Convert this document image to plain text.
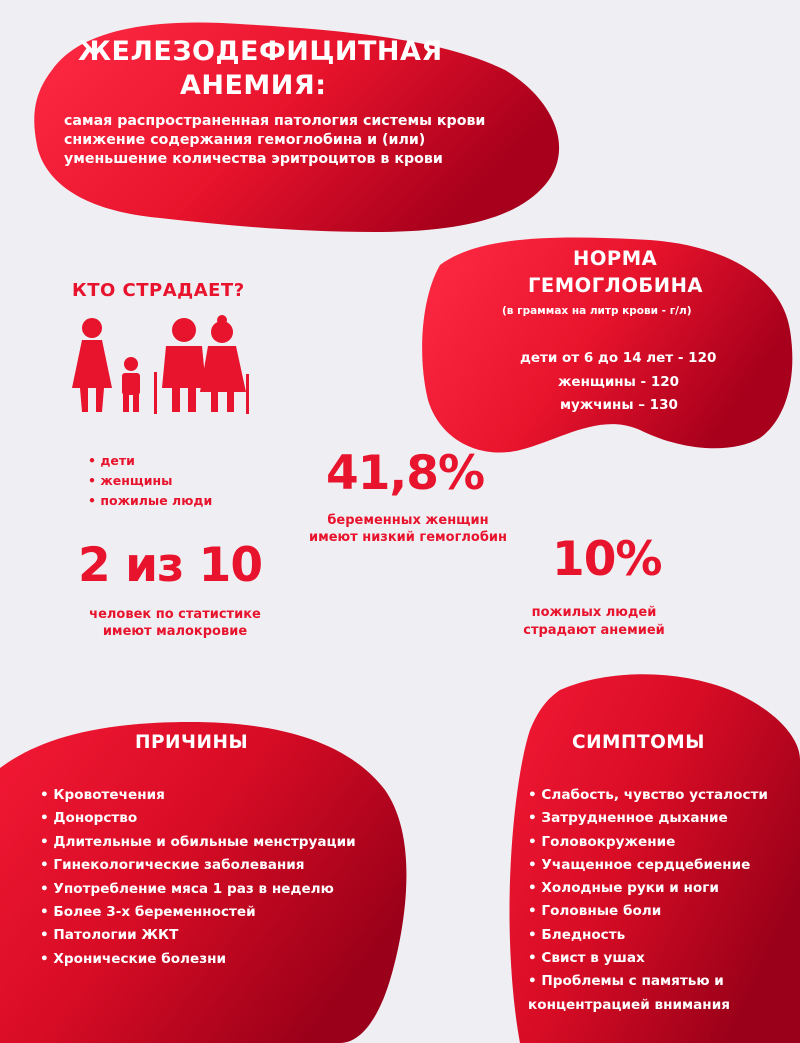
ЖЕЛЕЗОДЕФИЦИТНАЯ
АНЕМИЯ:
самая распространенная патология системы крови
снижение содержания гемоглобина и (или)
уменьшение количества эритроцитов в крови
НОРМА
ГЕМОГЛОБИНА
(в граммах на литр крови - г/л)
дети от 6 до 14 лет - 120
женщины - 120
мужчины – 130
КТО СТРАДАЕТ?
• дети
• женщины
• пожилые люди 41,8%
беременных женщин
имеют низкий гемоглобин
2 из 10
человек по статистике
имеют малокровие
10%
пожилых людей
страдают анемией
ПРИЧИНЫ
• Кровотечения
• Донорство
• Длительные и обильные менструации
• Гинекологические заболевания
• Употребление мяса 1 раз в неделю
• Более 3-х беременностей
• Патологии ЖКТ
• Хронические болезни
СИМПТОМЫ
• Слабость, чувство усталости
• Затрудненное дыхание
• Головокружение
• Учащенное сердцебиение
• Холодные руки и ноги
• Головные боли
• Бледность
• Свист в ушах
• Проблемы с памятью и
концентрацией внимания
